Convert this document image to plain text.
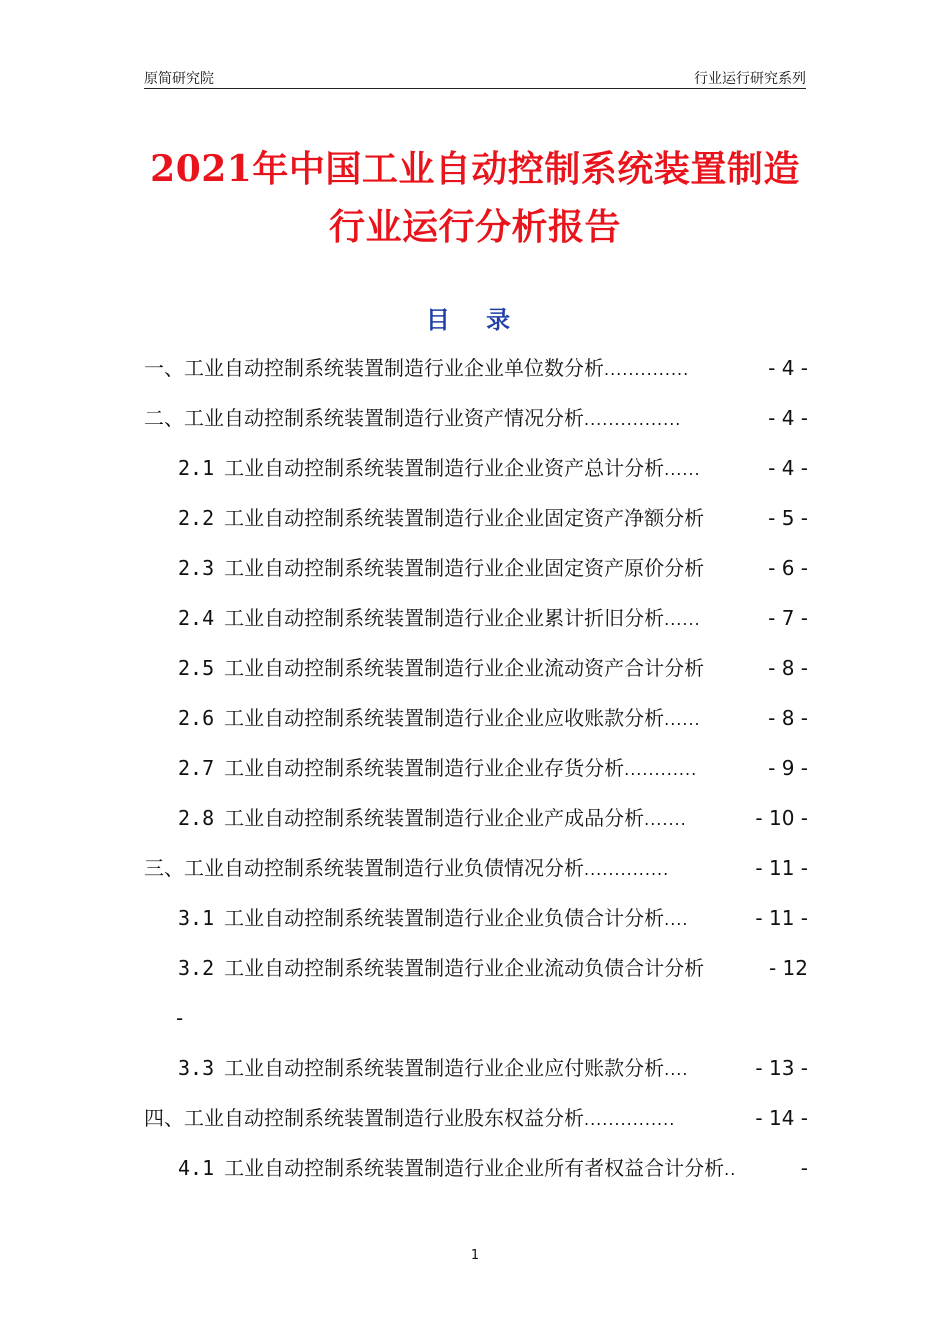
原简研究院	行业运行研究系列
2021年中国工业自动控制系统装置制造
行业运行分析报告
目 录
一、工业自动控制系统装置制造行业企业单位数分析 ..............	- 4 -
二、工业自动控制系统装置制造行业资产情况分析 ................	- 4 -
2.1 工业自动控制系统装置制造行业企业资产总计分析 ......	- 4 -
2.2 工业自动控制系统装置制造行业企业固定资产净额分析	- 5 -
2.3 工业自动控制系统装置制造行业企业固定资产原价分析	- 6 -
2.4 工业自动控制系统装置制造行业企业累计折旧分析 ......	- 7 -
2.5 工业自动控制系统装置制造行业企业流动资产合计分析	- 8 -
2.6 工业自动控制系统装置制造行业企业应收账款分析 ......	- 8 -
2.7 工业自动控制系统装置制造行业企业存货分析 ............	- 9 -
2.8 工业自动控制系统装置制造行业企业产成品分析 .......	- 10 -
三、工业自动控制系统装置制造行业负债情况分析 ..............	- 11 -
3.1 工业自动控制系统装置制造行业企业负债合计分析 ....	- 11 -
3.2 工业自动控制系统装置制造行业企业流动负债合计分析	- 12
3.3 工业自动控制系统装置制造行业企业应付账款分析 ....	- 13 -
四、工业自动控制系统装置制造行业股东权益分析 ...............	- 14 -
4.1 工业自动控制系统装置制造行业企业所有者权益合计分析 ..	-
-
1
